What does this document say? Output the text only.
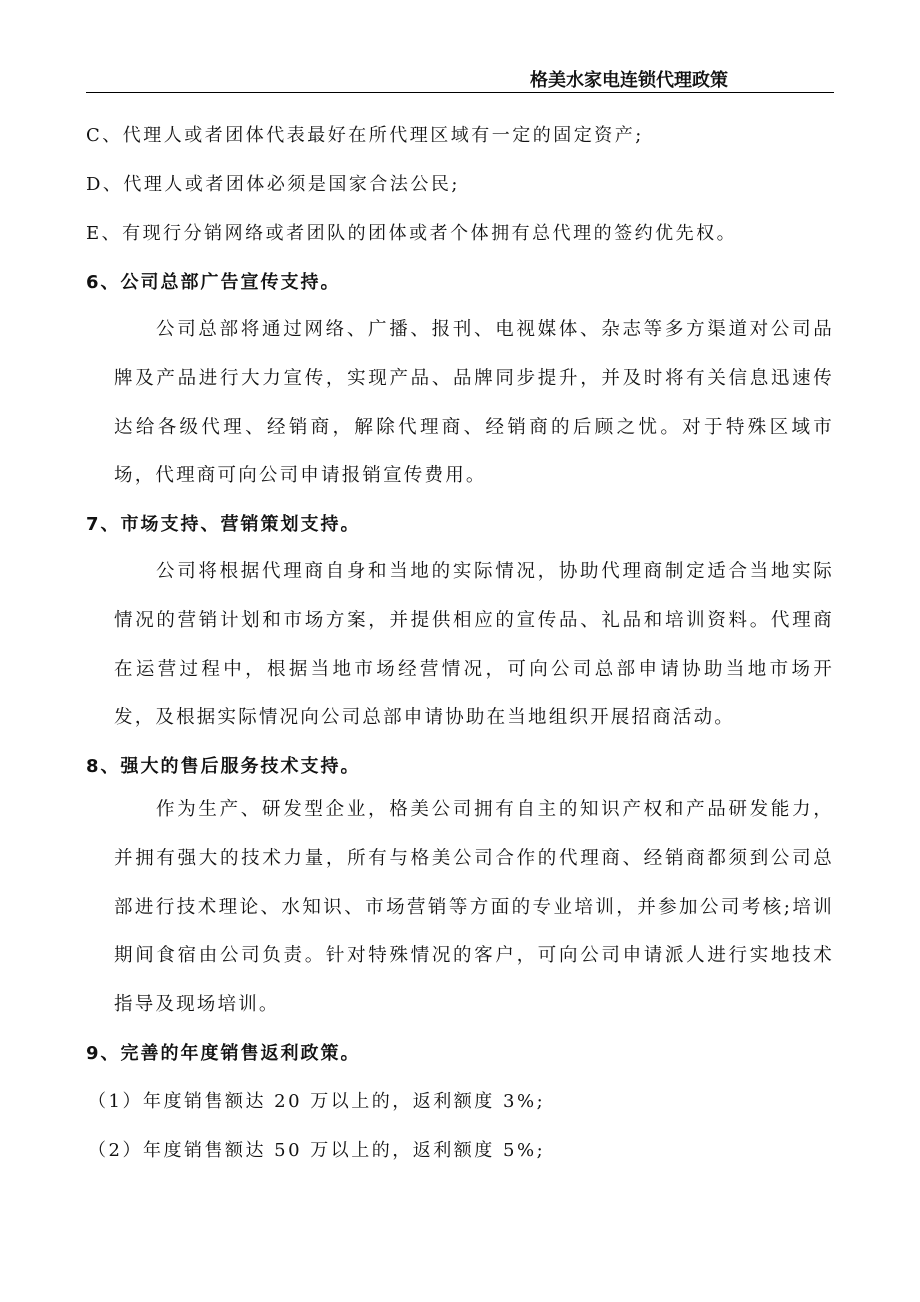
格美水家电连锁代理政策
C、代理人或者团体代表最好在所代理区域有一定的固定资产;
D、代理人或者团体必须是国家合法公民;
E、有现行分销网络或者团队的团体或者个体拥有总代理的签约优先权。
6、公司总部广告宣传支持。
公司总部将通过网络、广播、报刊、电视媒体、杂志等多方渠道对公司品牌及产品进行大力宣传，实现产品、品牌同步提升，并及时将有关信息迅速传达给各级代理、经销商，解除代理商、经销商的后顾之忧。对于特殊区域市场，代理商可向公司申请报销宣传费用。
7、市场支持、营销策划支持。
公司将根据代理商自身和当地的实际情况，协助代理商制定适合当地实际情况的营销计划和市场方案，并提供相应的宣传品、礼品和培训资料。代理商在运营过程中，根据当地市场经营情况，可向公司总部申请协助当地市场开发，及根据实际情况向公司总部申请协助在当地组织开展招商活动。
8、强大的售后服务技术支持。
作为生产、研发型企业，格美公司拥有自主的知识产权和产品研发能力，并拥有强大的技术力量，所有与格美公司合作的代理商、经销商都须到公司总部进行技术理论、水知识、市场营销等方面的专业培训，并参加公司考核;培训期间食宿由公司负责。针对特殊情况的客户，可向公司申请派人进行实地技术指导及现场培训。
9、完善的年度销售返利政策。
（1）年度销售额达 20 万以上的，返利额度 3%;
（2）年度销售额达 50 万以上的，返利额度 5%;
